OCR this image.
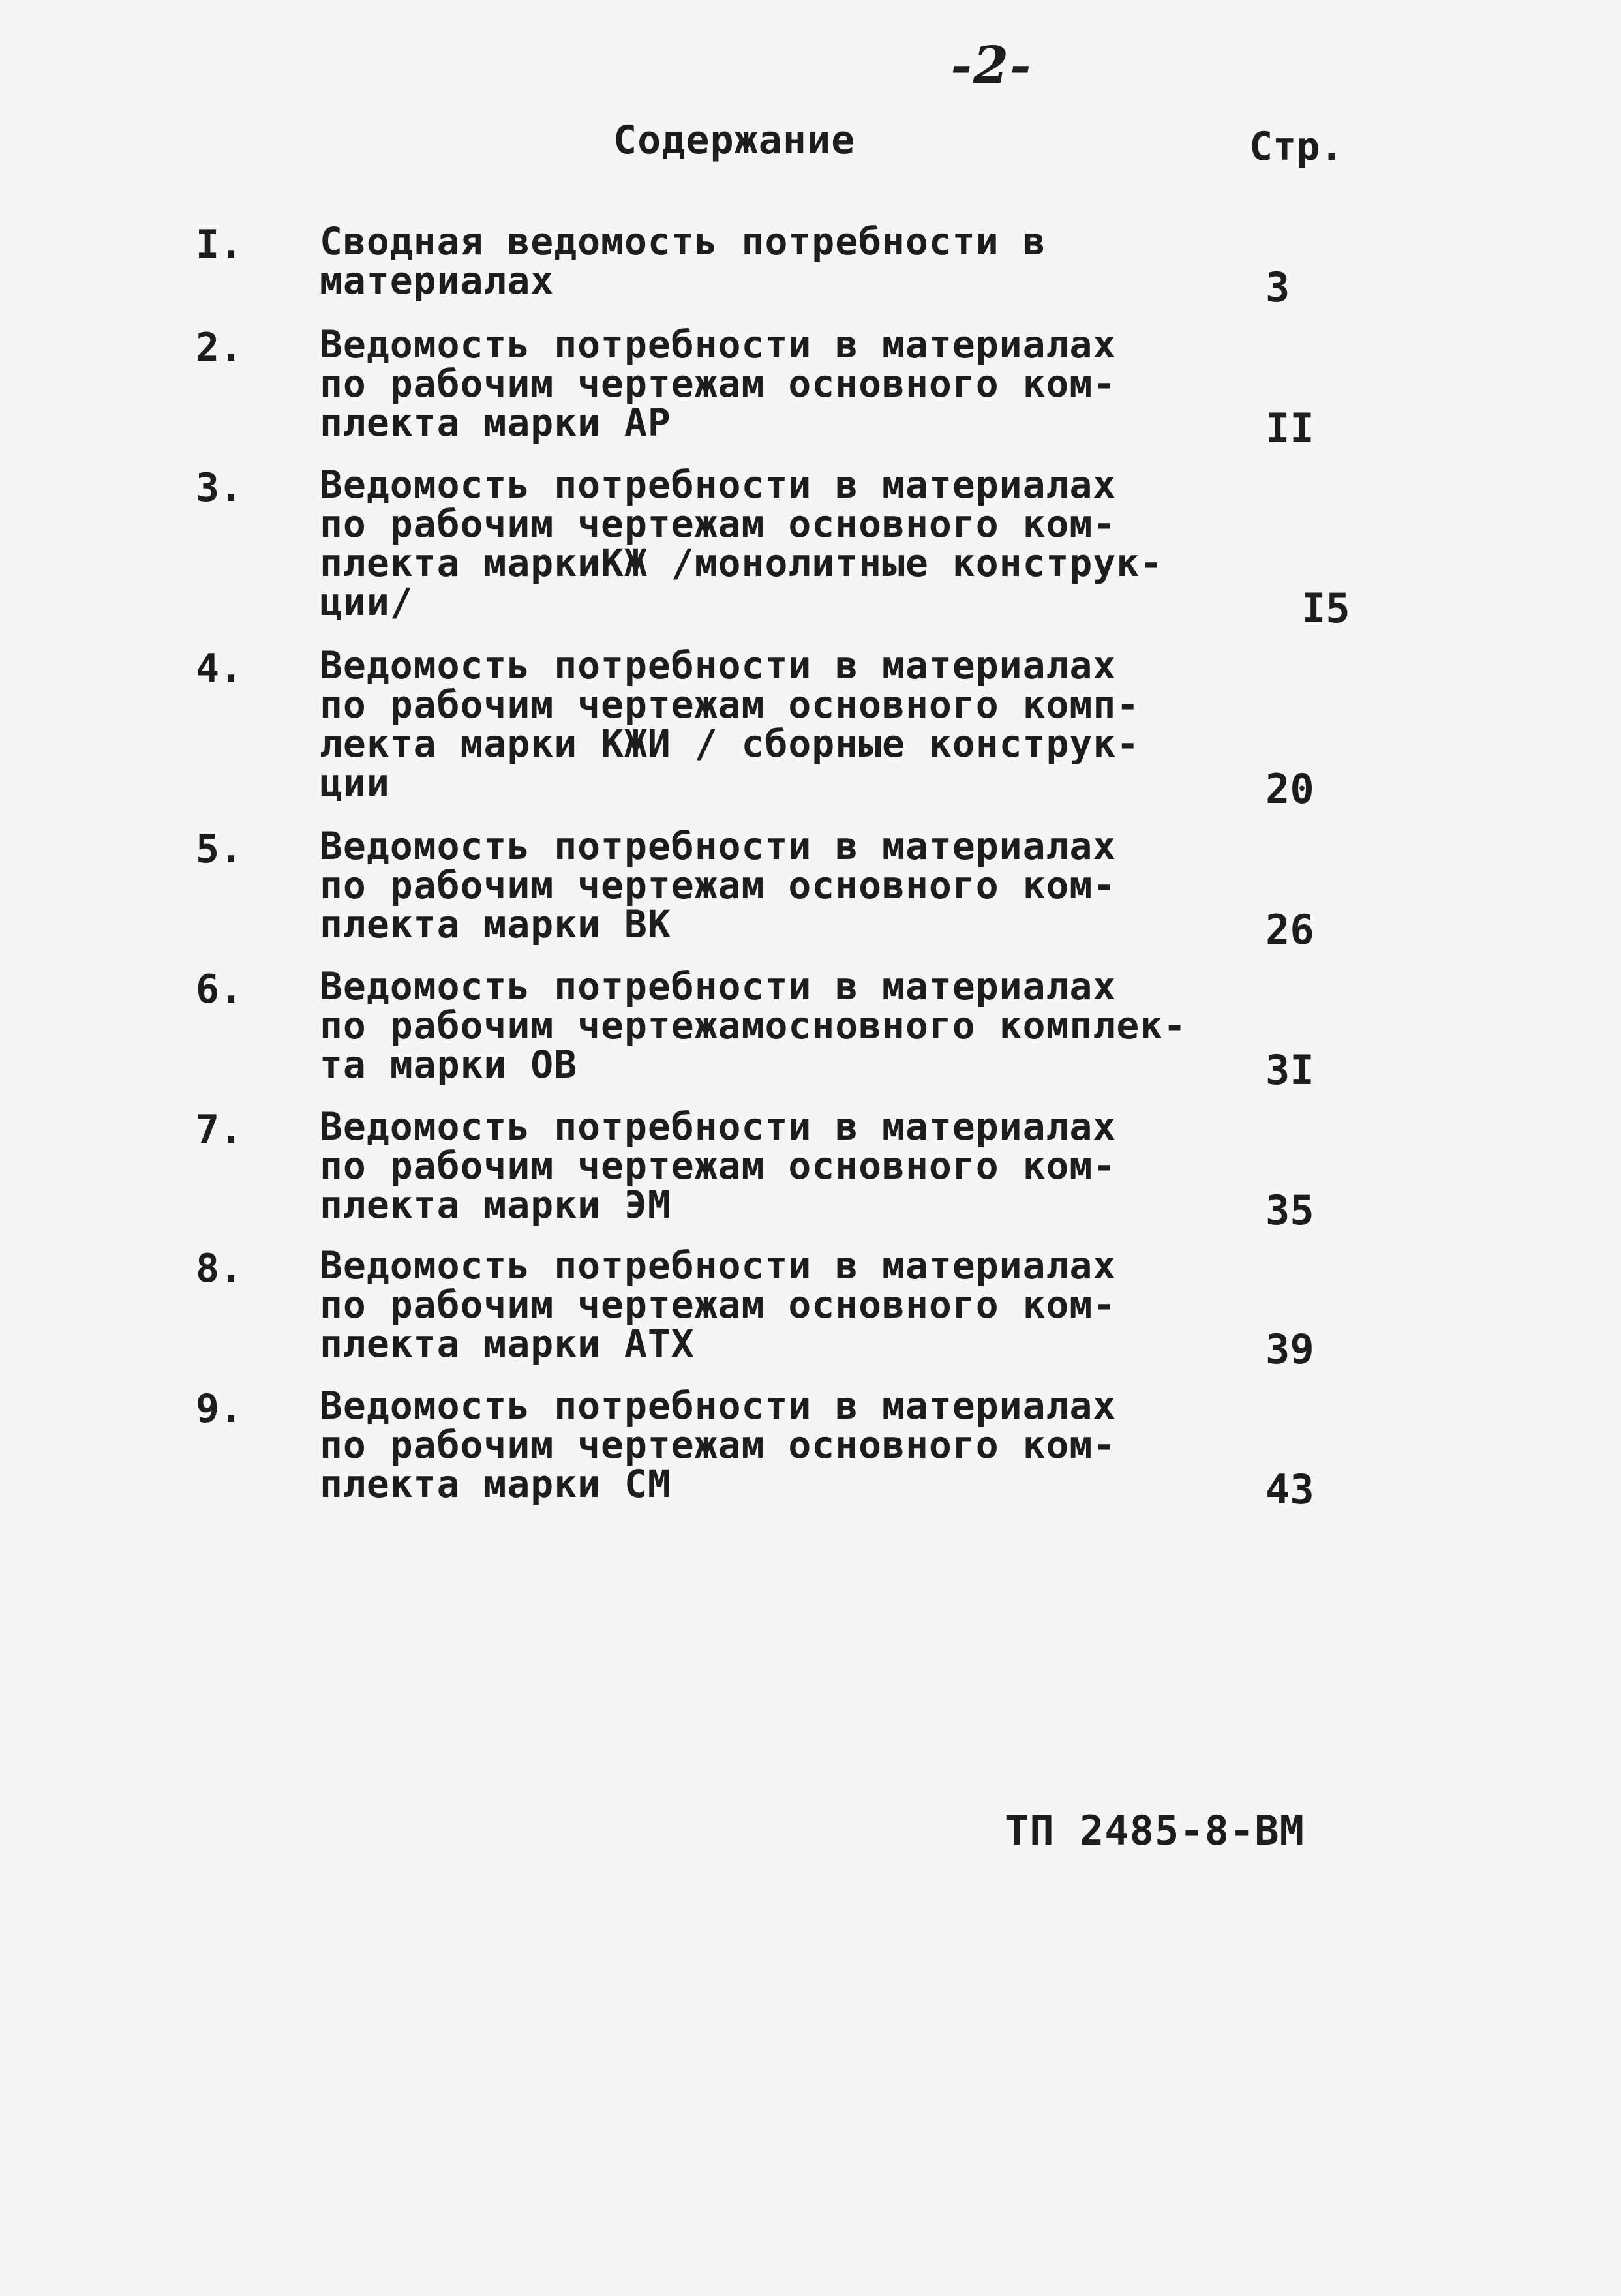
-2-
Содержание	Стр.
I. Сводная ведомость потребности в
материалах	3
2. Ведомость потребности в материалах
по рабочим чертежам основного ком-
плекта марки АР	II
3. Ведомость потребности в материалах
по рабочим чертежам основного ком-
плекта маркиКЖ /монолитные конструк-
ции/	I5
4. Ведомость потребности в материалах
по рабочим чертежам основного комп-
лекта марки КЖИ / сборные конструк-
ции	20
5. Ведомость потребности в материалах
по рабочим чертежам основного ком-
плекта марки ВК	26
6. Ведомость потребности в материалах
по рабочим чертежамосновного комплек-
та марки ОВ	3I
7. Ведомость потребности в материалах
по рабочим чертежам основного ком-
плекта марки ЭМ	35
8. Ведомость потребности в материалах
по рабочим чертежам основного ком-
плекта марки АТХ	39
9. Ведомость потребности в материалах
по рабочим чертежам основного ком-
плекта марки СМ	43
ТП 2485-8-ВМ
